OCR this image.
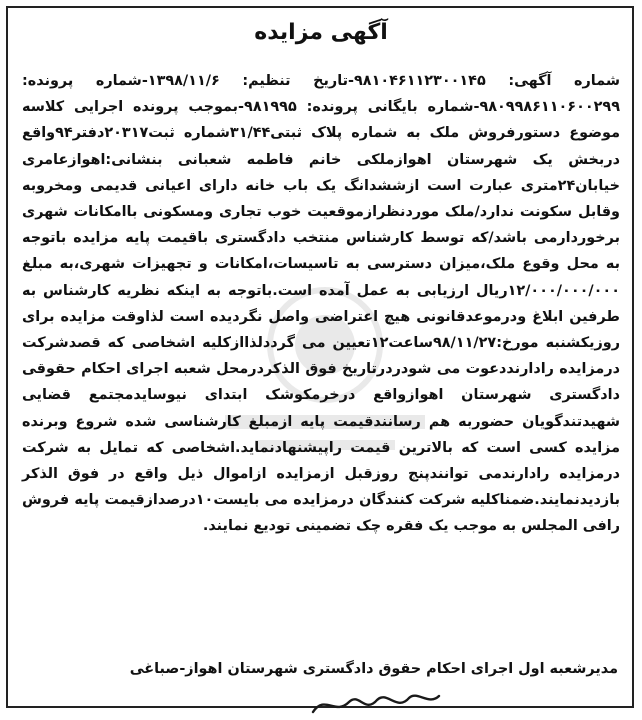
آگهی مزایده
شماره آگهی: ۹۸۱۰۴۶۱۱۲۳۰۰۱۴۵-تاریخ تنظیم: ۱۳۹۸/۱۱/۶-شماره پرونده: ۹۸۰۹۹۸۶۱۱۰۶۰۰۲۹۹-شماره بایگانی پرونده: ۹۸۱۹۹۵-بموجب پرونده اجرایی کلاسه موضوع دستورفروش ملک به شماره پلاک ثبتی۳۱/۴۴شماره ثبت۲۰۳۱۷دفتر۹۴واقع دربخش یک شهرستان اهوازملکی خانم فاطمه شعبانی بنشانی:اهوازعامری خیابان۲۴متری عبارت است ازششدانگ یک باب خانه دارای اعیانی قدیمی ومخروبه وقابل سکونت ندارد/ملک موردنظرازموقعیت خوب تجاری ومسکونی باامکانات شهری برخوردارمی باشد/که توسط کارشناس منتخب دادگستری باقیمت پایه مزایده باتوجه به محل وقوع ملک،میزان دسترسی به تاسیسات،امکانات و تجهیزات شهری،به مبلغ ۱۲/۰۰۰/۰۰۰/۰۰۰ریال ارزیابی به عمل آمده است.باتوجه به اینکه نظریه کارشناس به طرفین ابلاغ ودرموعدقانونی هیچ اعتراضی واصل نگردیده است لذاوقت مزایده برای روزیکشنبه مورخ:۹۸/۱۱/۲۷ساعت۱۲تعیین می گرددلذاازکلیه اشخاصی که قصدشرکت درمزایده رادارنددعوت می شودردرتاریخ فوق الذکردرمحل شعبه اجرای احکام حقوقی دادگستری شهرستان اهوازواقع درخرمکوشک ابتدای نیوسایدمجتمع قضایی شهیدتندگویان حضوربه هم رسانندقیمت پایه ازمبلغ کارشناسی شده شروع وبرنده مزایده کسی است که بالاترین قیمت راپیشنهادنماید.اشخاصی که تمایل به شرکت درمزایده رادارندمی توانندپنج روزقبل ازمزایده ازاموال ذیل واقع در فوق الذکر بازدیدنمایند.ضمناکلیه شرکت کنندگان درمزایده می بایست۱۰درصدازقیمت پایه فروش رافی المجلس به موجب یک فقره چک تضمینی تودیع نمایند.
مدیرشعبه اول اجرای احکام حقوق دادگستری شهرستان اهواز-صباغی
